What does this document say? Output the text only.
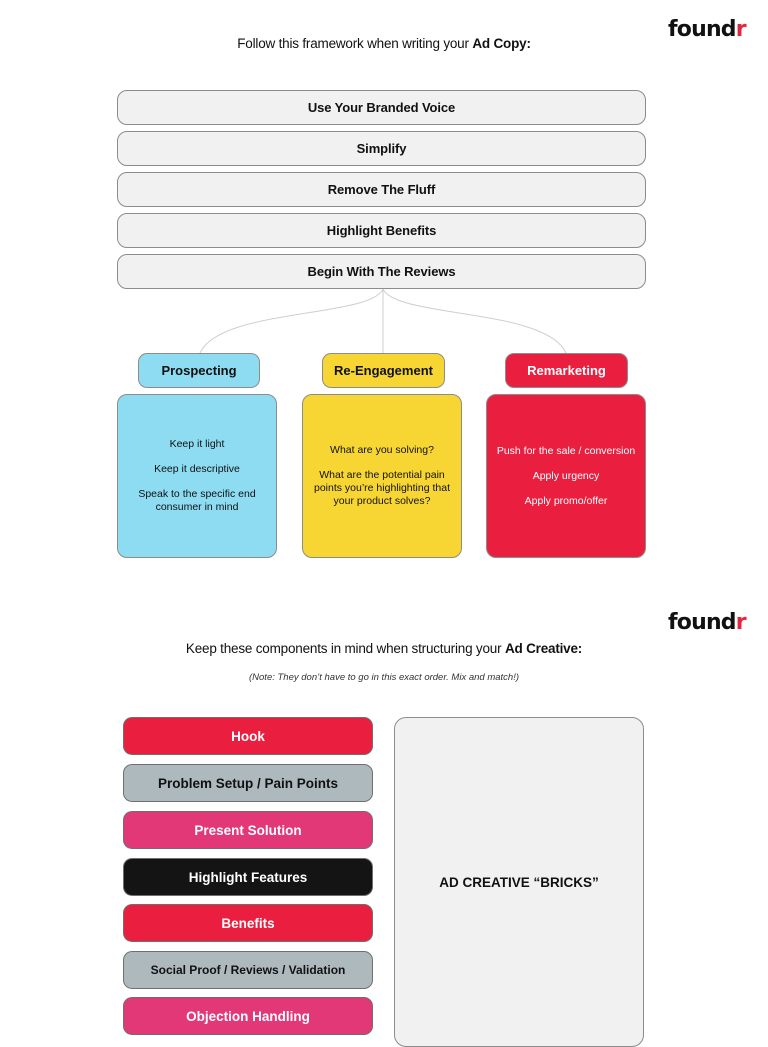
foundr
Follow this framework when writing your Ad Copy:
Use Your Branded Voice
Simplify
Remove The Fluff
Highlight Benefits
Begin With The Reviews
Prospecting	Re-Engagement	Remarketing

Keep it light

Keep it descriptive

Speak to the specific end consumer in mind

What are you solving?

What are the potential pain points you’re highlighting that your product solves?

Push for the sale / conversion

Apply urgency

Apply promo/offer

foundr
Keep these components in mind when structuring your Ad Creative:
(Note: They don’t have to go in this exact order. Mix and match!)
Hook
Problem Setup / Pain Points
Present Solution
Highlight Features
Benefits
Social Proof / Reviews / Validation
Objection Handling
AD CREATIVE “BRICKS”
